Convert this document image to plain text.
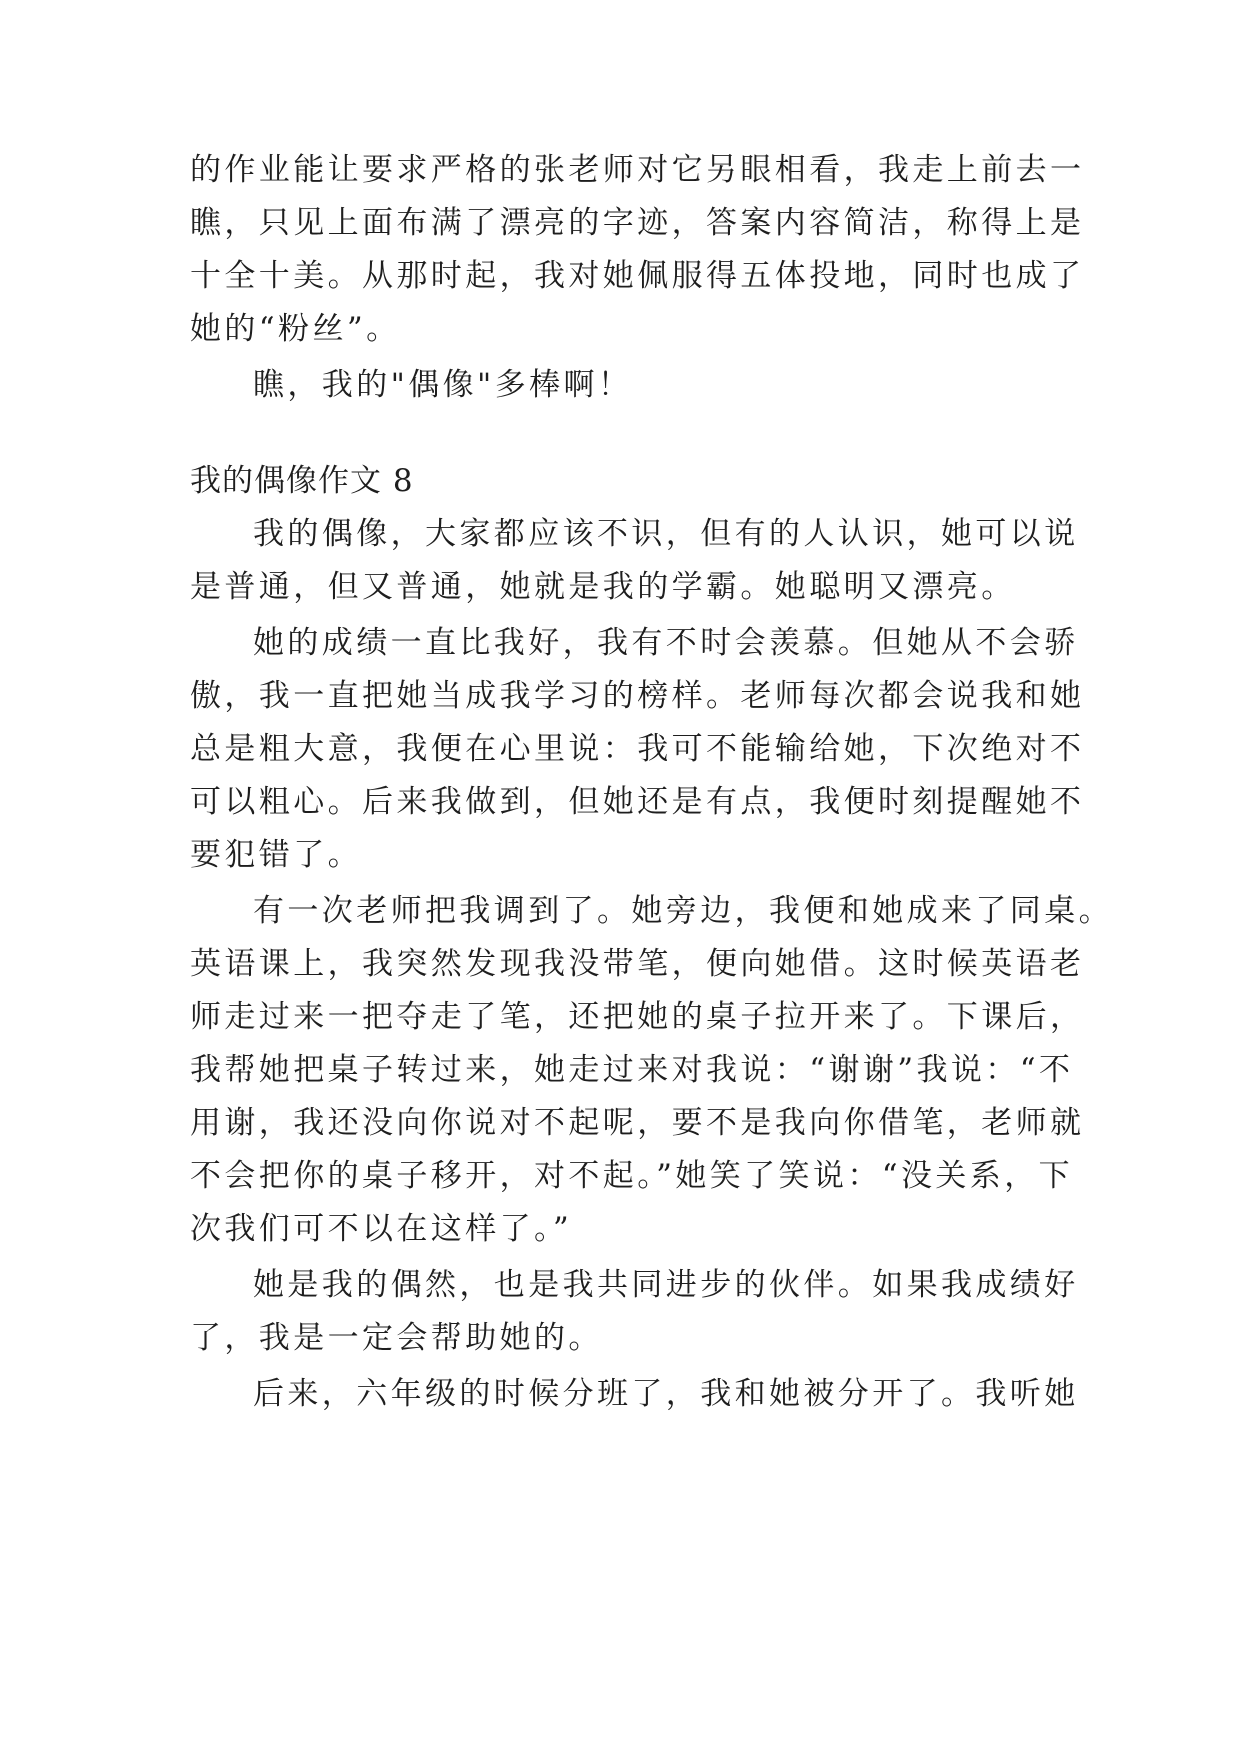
的作业能让要求严格的张老师对它另眼相看，我走上前去一
瞧，只见上面布满了漂亮的字迹，答案内容简洁，称得上是
十全十美。从那时起，我对她佩服得五体投地，同时也成了
她的“粉丝”。
瞧，我的"偶像"多棒啊！
我的偶像作文 8
我的偶像，大家都应该不识，但有的人认识，她可以说
是普通，但又普通，她就是我的学霸。她聪明又漂亮。
她的成绩一直比我好，我有不时会羡慕。但她从不会骄
傲，我一直把她当成我学习的榜样。老师每次都会说我和她
总是粗大意，我便在心里说：我可不能输给她，下次绝对不
可以粗心。后来我做到，但她还是有点，我便时刻提醒她不
要犯错了。
有一次老师把我调到了。她旁边，我便和她成来了同桌。
英语课上，我突然发现我没带笔，便向她借。这时候英语老
师走过来一把夺走了笔，还把她的桌子拉开来了。下课后，
我帮她把桌子转过来，她走过来对我说：“谢谢”我说：“不
用谢，我还没向你说对不起呢，要不是我向你借笔，老师就
不会把你的桌子移开，对不起。”她笑了笑说：“没关系，下
次我们可不以在这样了。”
她是我的偶然，也是我共同进步的伙伴。如果我成绩好
了，我是一定会帮助她的。
后来，六年级的时候分班了，我和她被分开了。我听她
